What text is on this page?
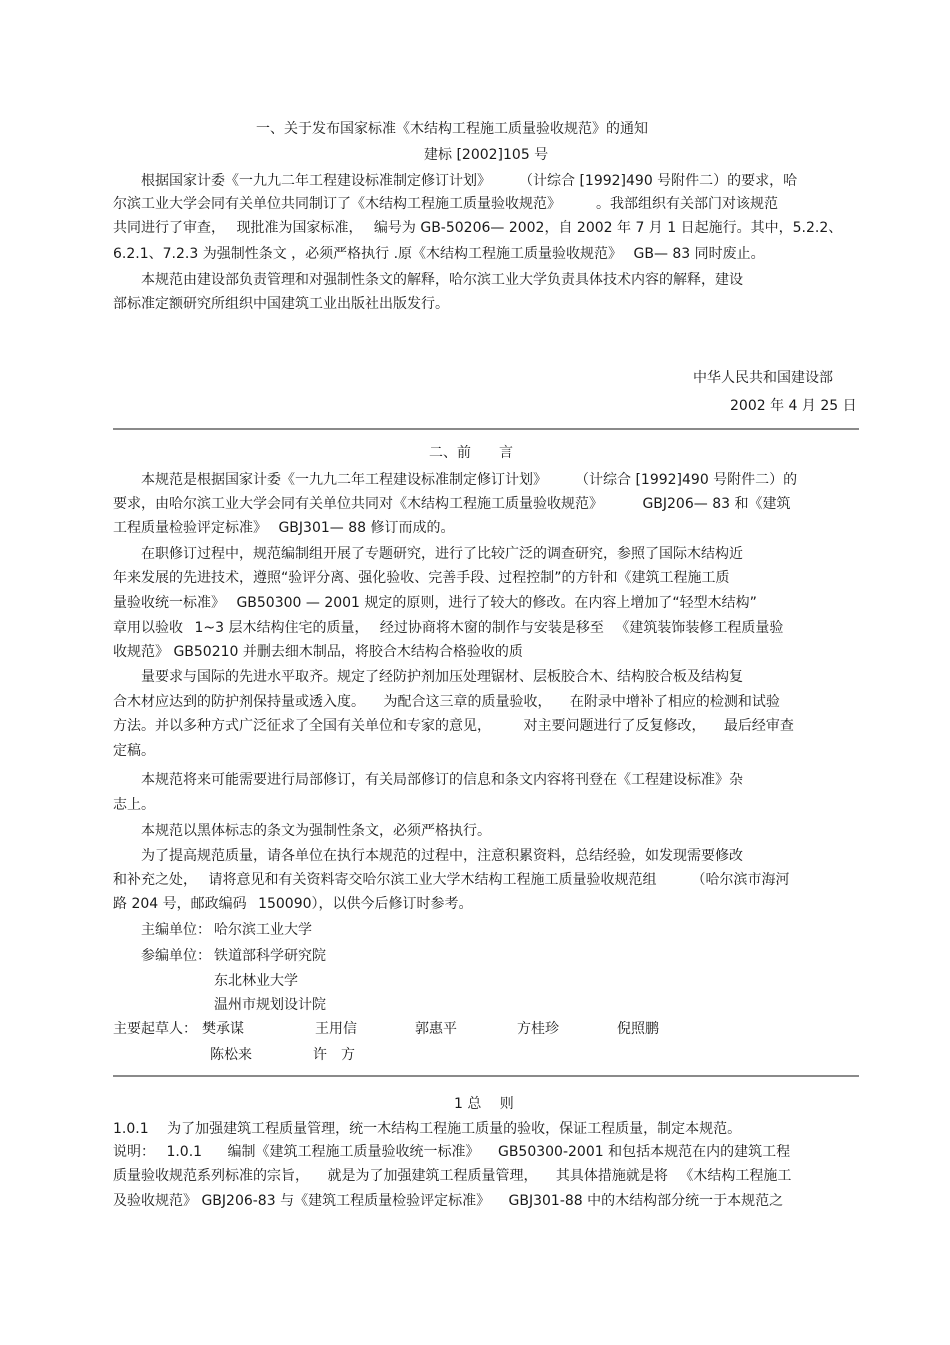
一、关于发布国家标准《木结构工程施工质量验收规范》的通知
建标 [2002]105 号
根据国家计委《一九九二年工程建设标准制定修订计划》　　　（计综合 [1992]490 号附件二）的要求，哈
尔滨工业大学会同有关单位共同制订了《木结构工程施工质量验收规范》　　　。我部组织有关部门对该规范
共同进行了审查，  现批准为国家标准，  编号为 GB-50206— 2002，自 2002 年 7 月 1 日起施行。其中，5.2.2、
6.2.1、7.2.3 为强制性条文 ，必须严格执行 .原《木结构工程施工质量验收规范》　 GB— 83 同时废止。
本规范由建设部负责管理和对强制性条文的解释，哈尔滨工业大学负责具体技术内容的解释，建设
部标准定额研究所组织中国建筑工业出版社出版发行。
中华人民共和国建设部
2002 年 4 月 25 日
二、前　　言
本规范是根据国家计委《一九九二年工程建设标准制定修订计划》　　　（计综合 [1992]490 号附件二）的
要求，由哈尔滨工业大学会同有关单位共同对《木结构工程施工质量验收规范》　　　 GBJ206— 83 和《建筑
工程质量检验评定标准》  GBJ301— 88 修订而成的。
在职修订过程中，规范编制组开展了专题研究，进行了比较广泛的调查研究，参照了国际木结构近
年来发展的先进技术，遵照“验评分离、强化验收、完善手段、过程控制”的方针和《建筑工程施工质
量验收统一标准》  GB50300 — 2001 规定的原则，进行了较大的修改。在内容上增加了“轻型木结构”
章用以验收  1~3 层木结构住宅的质量，  经过协商将木窗的制作与安装是移至  《建筑装饰装修工程质量验
收规范》 GB50210 并删去细木制品，将胶合木结构合格验收的质
量要求与国际的先进水平取齐。规定了经防护剂加压处理锯材、层板胶合木、结构胶合板及结构复
合木材应达到的防护剂保持量或透入度。  为配合这三章的质量验收，  在附录中增补了相应的检测和试验
方法。并以多种方式广泛征求了全国有关单位和专家的意见，   对主要问题进行了反复修改，  最后经审查
定稿。
本规范将来可能需要进行局部修订，有关局部修订的信息和条文内容将刊登在《工程建设标准》杂
志上。
本规范以黑体标志的条文为强制性条文，必须严格执行。
为了提高规范质量，请各单位在执行本规范的过程中，注意积累资料，总结经验，如发现需要修改
和补充之处，  请将意见和有关资料寄交哈尔滨工业大学木结构工程施工质量验收规范组　　　（哈尔滨市海河
路 204 号，邮政编码  150090），以供今后修订时参考。
主编单位： 哈尔滨工业大学
参编单位： 铁道部科学研究院
东北林业大学
温州市规划设计院
主要起草人： 樊承谋	王用信	郭惠平	方桂珍	倪照鹏
陈松来	许 方
1 总　 则
1.0.1  为了加强建筑工程质量管理，统一木结构工程施工质量的验收，保证工程质量，制定本规范。
说明：  1.0.1   编制《建筑工程施工质量验收统一标准》　  GB50300-2001 和包括本规范在内的建筑工程
质量验收规范系列标准的宗旨，  就是为了加强建筑工程质量管理，  其具体措施就是将  《木结构工程施工
及验收规范》 GBJ206-83 与《建筑工程质量检验评定标准》  GBJ301-88 中的木结构部分统一于本规范之
